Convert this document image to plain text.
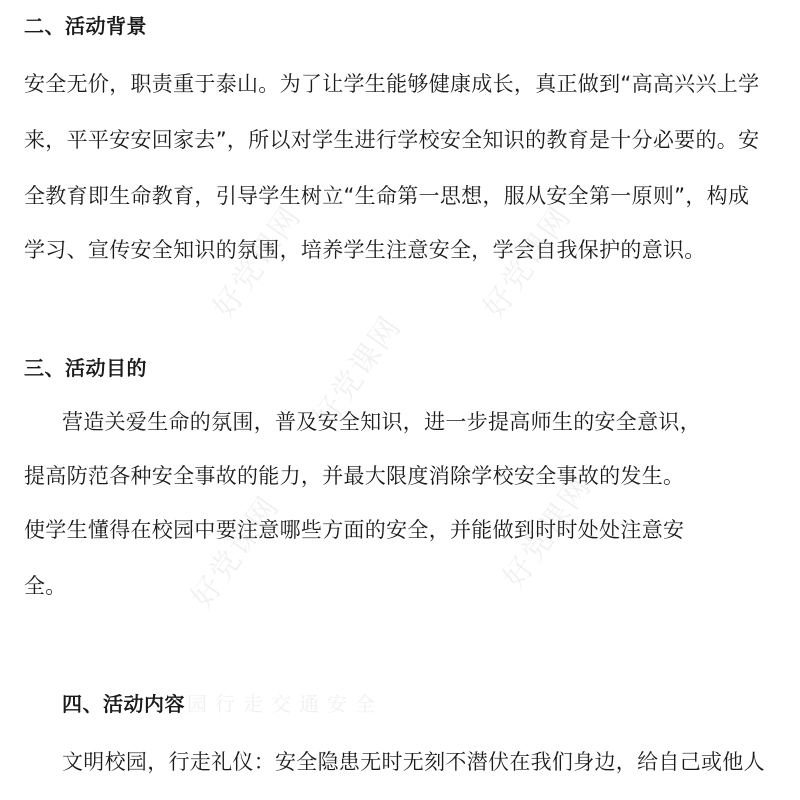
好党课网
好党课网
好党课网	好党课网
好党课网
二、活动背景
安全无价，职责重于泰山。为了让学生能够健康成长，真正做到“高高兴兴上学
来，平平安安回家去”，所以对学生进行学校安全知识的教育是十分必要的。安
全教育即生命教育，引导学生树立“生命第一思想，服从安全第一原则”，构成
学习、宣传安全知识的氛围，培养学生注意安全，学会自我保护的意识。
三、活动目的
营造关爱生命的氛围，普及安全知识，进一步提高师生的安全意识，
提高防范各种安全事故的能力，并最大限度消除学校安全事故的发生。
使学生懂得在校园中要注意哪些方面的安全，并能做到时时处处注意安
全。
四、活动内容 园行走交通安全
文明校园，行走礼仪：安全隐患无时无刻不潜伏在我们身边，给自己或他人
